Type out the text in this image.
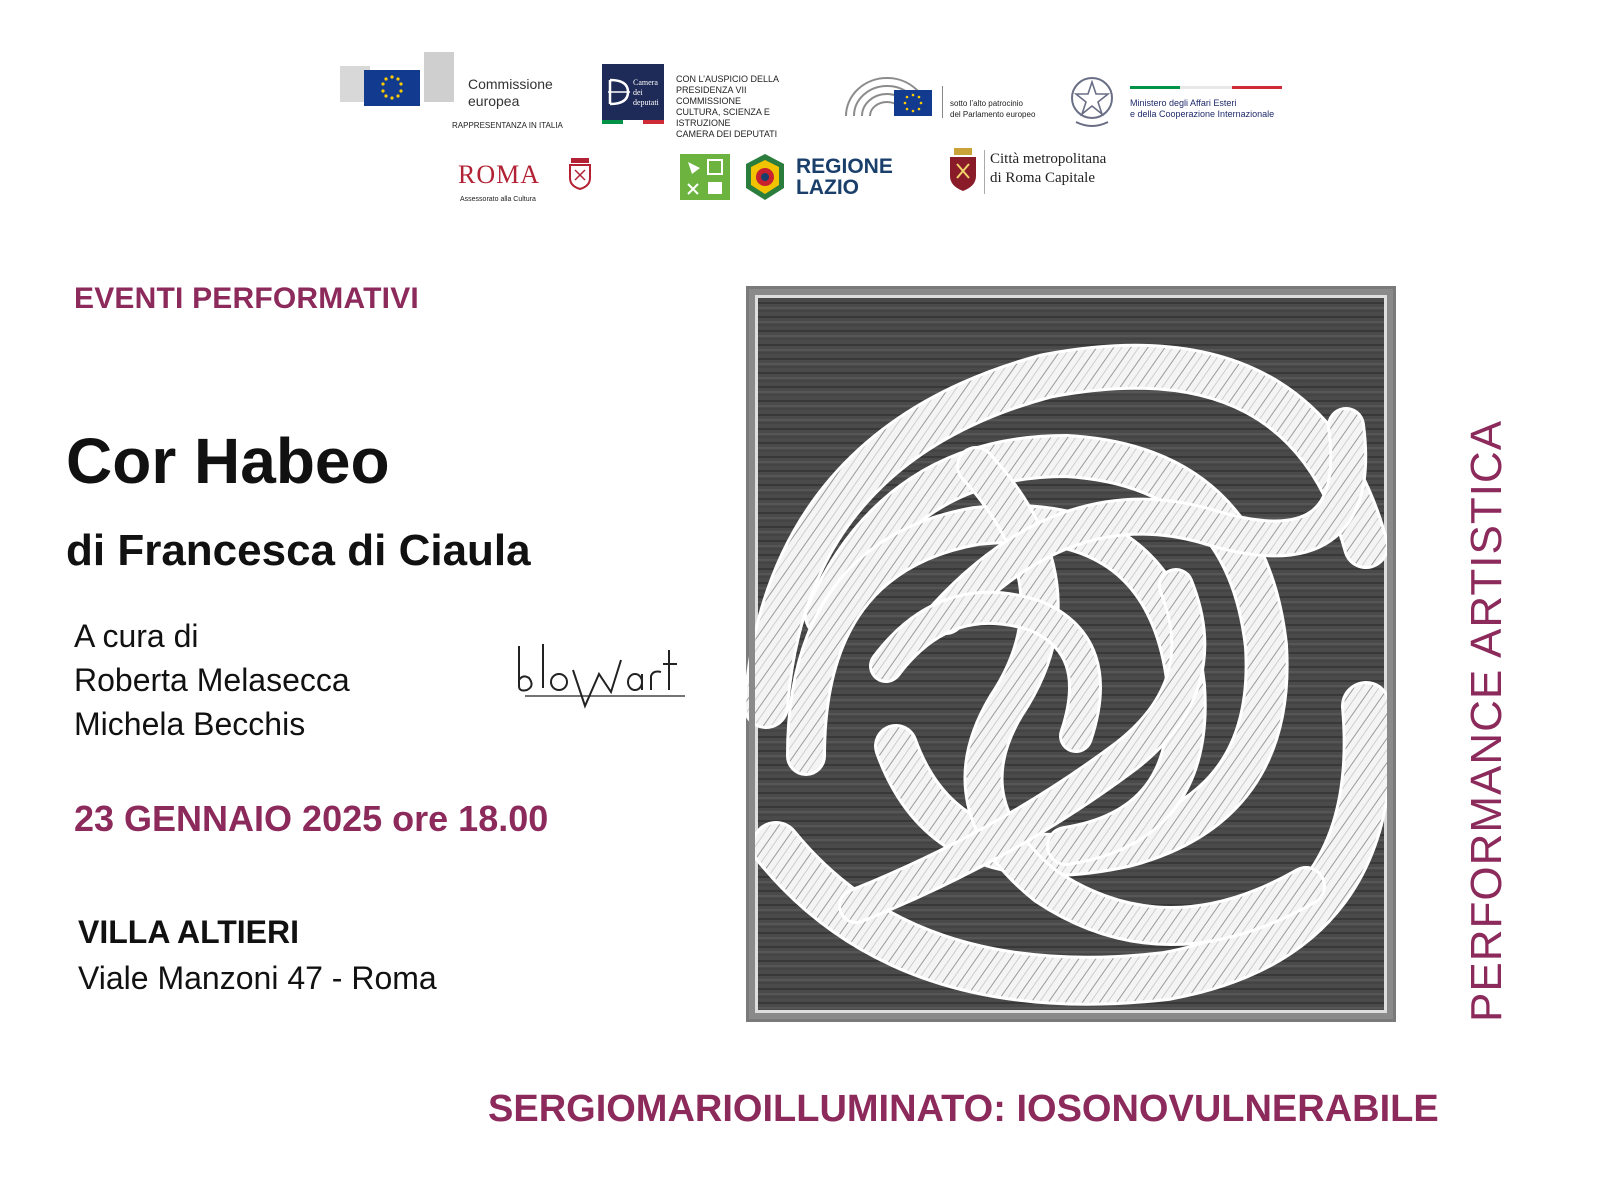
Commissione
europea
RAPPRESENTANZA IN ITALIA
Camera
dei
deputati
CON L’AUSPICIO DELLA
PRESIDENZA VII COMMISSIONE
CULTURA, SCIENZA E ISTRUZIONE
CAMERA DEI DEPUTATI
sotto l’alto patrocinio
del Parlamento europeo
Ministero degli Affari Esteri
e della Cooperazione Internazionale
ROMA
Assessorato alla Cultura
REGIONE
LAZIO
Città metropolitana
di Roma Capitale
EVENTI PERFORMATIVI
Cor Habeo
di Francesca di Ciaula
A cura di
Roberta Melasecca
Michela Becchis
23 GENNAIO 2025 ore 18.00
VILLA ALTIERI
Viale Manzoni 47 - Roma	PERFORMANCE ARTISTICA
SERGIOMARIOILLUMINATO: IOSONOVULNERABILE
